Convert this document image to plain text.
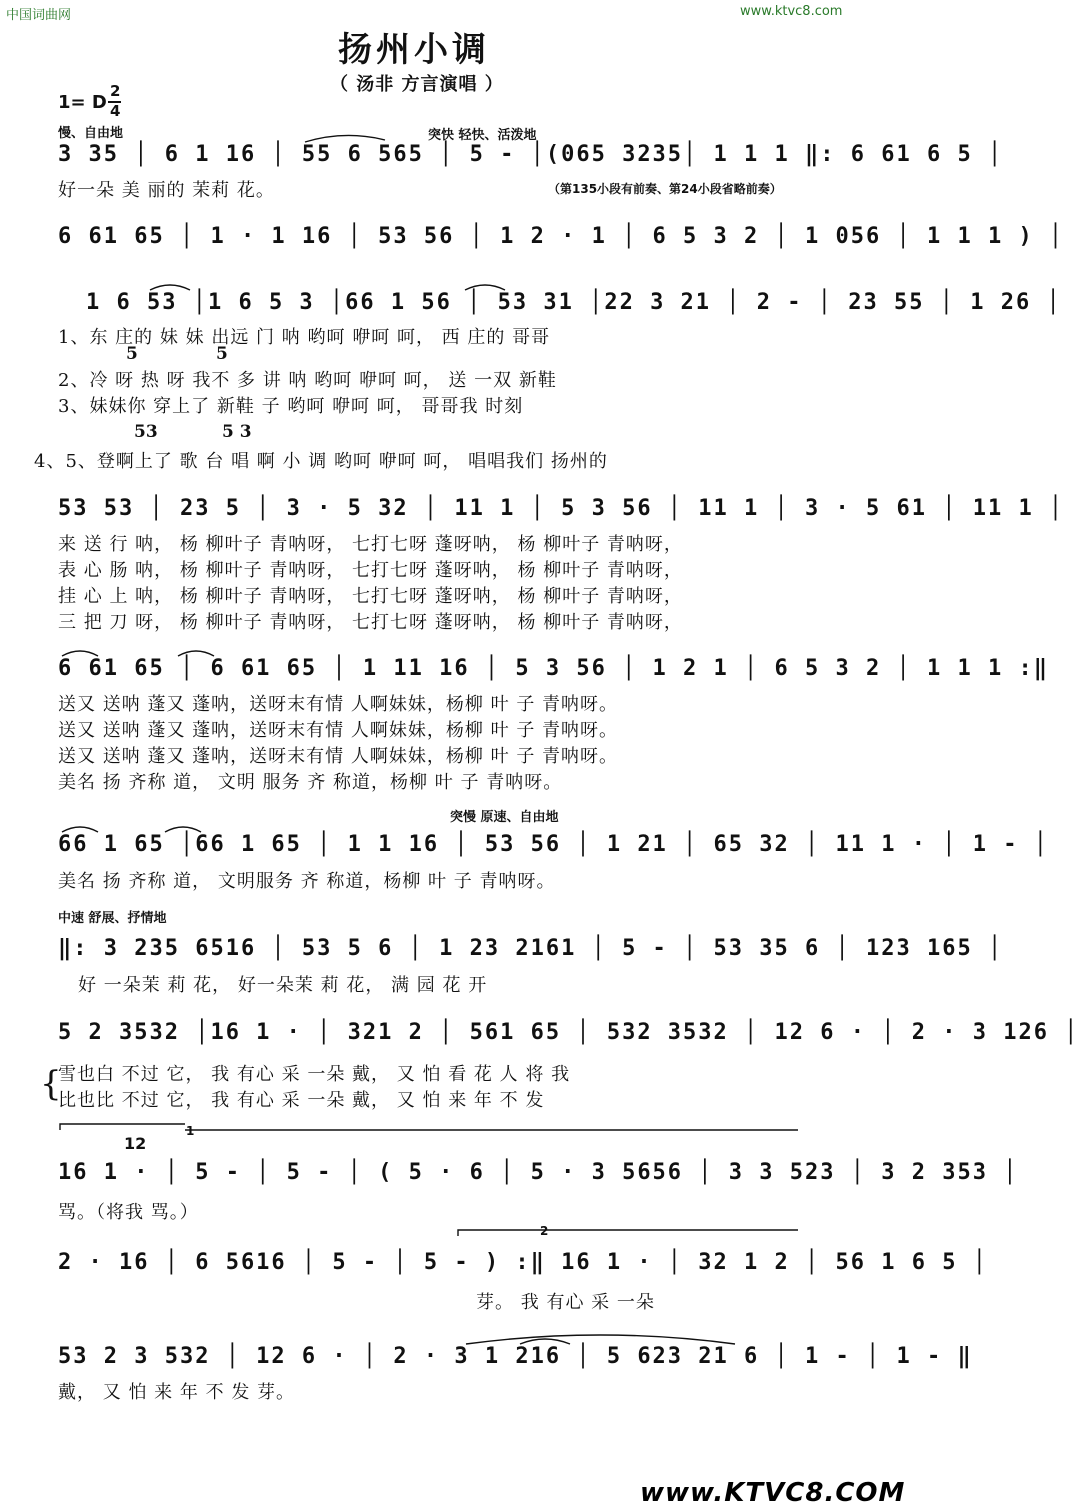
中国词曲网	www.ktvc8.com
扬州小调
（ 汤非 方言演唱 ）
1= D
2
4
慢、自由地	突快 轻快、活泼地
（第135小段有前奏、第24小段省略前奏）
突慢 原速、自由地
中速 舒展、抒情地
3 35 │ 6 1 16 │ 55 6 565 │ 5 - │(065 3235│ 1 1 1 ‖: 6 61 6 5 │
好一朵 美 丽的 茉莉 花。
6 61 65 │ 1 · 1 16 │ 53 56 │ 1 2 · 1 │ 6 5 3 2 │ 1 056 │ 1 1 1 ) │
1 6 53 │1 6 5 3 │66 1 56 │ 53 31 │22 3 21 │ 2 - │ 23 55 │ 1 26 │
1、东 庄的 妹 妹 出远 门 呐 哟呵 咿呵 呵， 西 庄的 哥哥
5	5
2、冷 呀 热 呀 我不 多 讲 呐 哟呵 咿呵 呵， 送 一双 新鞋
3、妹妹你 穿上了 新鞋 子 哟呵 咿呵 呵， 哥哥我 时刻
53	5 3
4、5、登啊上了 歌 台 唱 啊 小 调 哟呵 咿呵 呵， 唱唱我们 扬州的
53 53 │ 23 5 │ 3 · 5 32 │ 11 1 │ 5 3 56 │ 11 1 │ 3 · 5 61 │ 11 1 │
来 送 行 呐， 杨 柳叶子 青呐呀， 七打七呀 蓬呀呐， 杨 柳叶子 青呐呀，
表 心 肠 呐， 杨 柳叶子 青呐呀， 七打七呀 蓬呀呐， 杨 柳叶子 青呐呀，
挂 心 上 呐， 杨 柳叶子 青呐呀， 七打七呀 蓬呀呐， 杨 柳叶子 青呐呀，
三 把 刀 呀， 杨 柳叶子 青呐呀， 七打七呀 蓬呀呐， 杨 柳叶子 青呐呀，
6 61 65 │ 6 61 65 │ 1 11 16 │ 5 3 56 │ 1 2 1 │ 6 5 3 2 │ 1 1 1 :‖
送又 送呐 蓬又 蓬呐，送呀末有情 人啊妹妹，杨柳 叶 子 青呐呀。
送又 送呐 蓬又 蓬呐，送呀末有情 人啊妹妹，杨柳 叶 子 青呐呀。
送又 送呐 蓬又 蓬呐，送呀末有情 人啊妹妹，杨柳 叶 子 青呐呀。
美名 扬 齐称 道， 文明 服务 齐 称道，杨柳 叶 子 青呐呀。
66 1 65 │66 1 65 │ 1 1 16 │ 53 56 │ 1 21 │ 65 32 │ 11 1 · │ 1 - │
美名 扬 齐称 道， 文明服务 齐 称道，杨柳 叶 子 青呐呀。
‖: 3 235 6516 │ 53 5 6 │ 1 23 2161 │ 5 - │ 53 35 6 │ 123 165 │
好 一朵茉 莉 花， 好一朵茉 莉 花， 满 园 花 开
5 2 3532 │16 1 · │ 321 2 │ 561 65 │ 532 3532 │ 12 6 · │ 2 · 3 126 │
{
雪也白 不过 它， 我 有心 采 一朵 戴， 又 怕 看 花 人 将 我
比也比 不过 它， 我 有心 采 一朵 戴， 又 怕 来 年 不 发
1
12
16 1 · │ 5 - │ 5 - │ ( 5 · 6 │ 5 · 3 5656 │ 3 3 523 │ 3 2 353 │
骂。（将我 骂。）
2
2 · 16 │ 6 5616 │ 5 - │ 5 - ) :‖ 16 1 · │ 32 1 2 │ 56 1 6 5 │
芽。 我 有心 采 一朵
53 2 3 532 │ 12 6 · │ 2 · 3 1 216 │ 5 623 21 6 │ 1 - │ 1 - ‖
戴， 又 怕 来 年 不 发 芽。
www.KTVC8.COM
